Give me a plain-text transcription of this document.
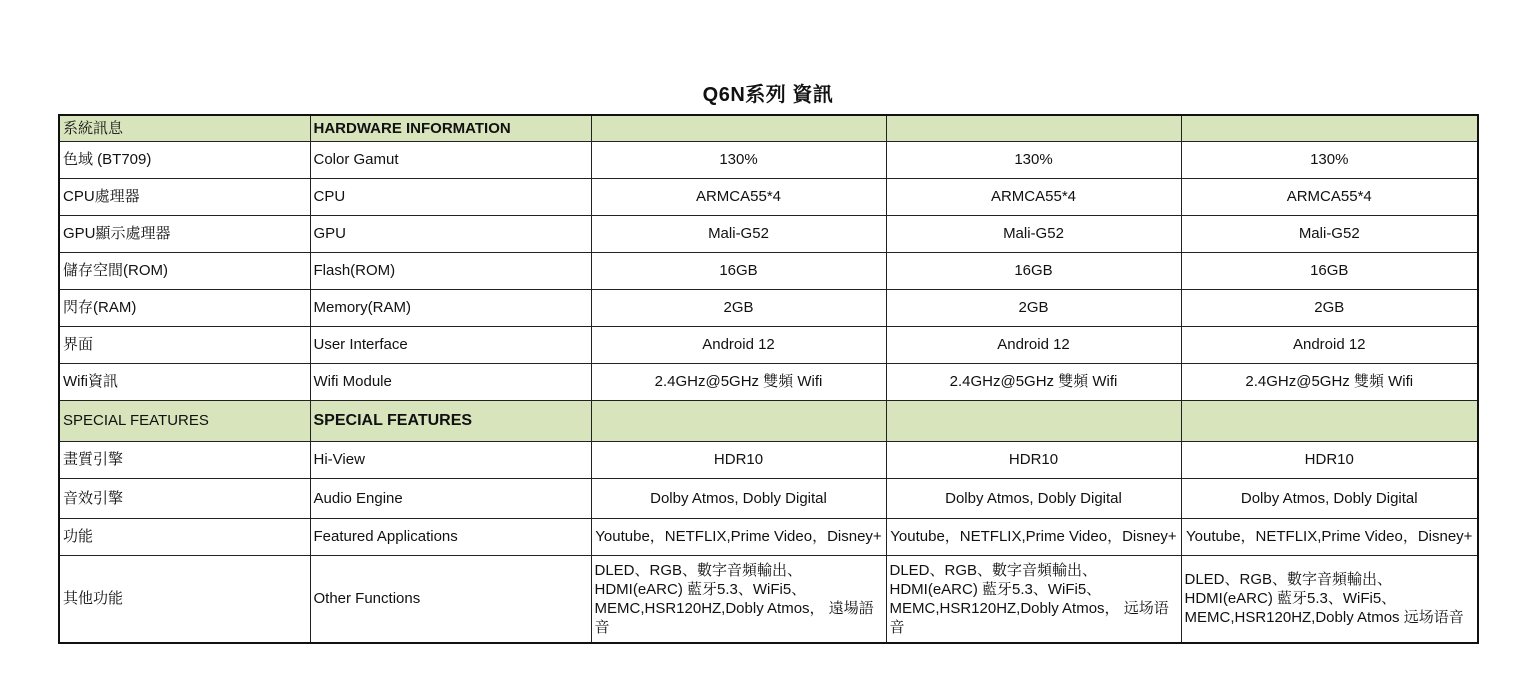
Q6N系列 資訊
系統訊息	HARDWARE INFORMATION			
色域 (BT709)	Color Gamut	130%	130%	130%
CPU處理器	CPU	ARMCA55*4	ARMCA55*4	ARMCA55*4
GPU顯示處理器	GPU	Mali-G52	Mali-G52	Mali-G52
儲存空間(ROM)	Flash(ROM)	16GB	16GB	16GB
閃存(RAM)	Memory(RAM)	2GB	2GB	2GB
界面	User Interface	Android 12	Android 12	Android 12
Wifi資訊	Wifi Module	2.4GHz@5GHz 雙頻 Wifi	2.4GHz@5GHz 雙頻 Wifi	2.4GHz@5GHz 雙頻 Wifi
SPECIAL FEATURES	SPECIAL FEATURES			
畫質引擎	Hi-View	HDR10	HDR10	HDR10
音效引擎	Audio Engine	Dolby Atmos, Dobly Digital	Dolby Atmos, Dobly Digital	Dolby Atmos, Dobly Digital
功能	Featured Applications	Youtube，NETFLIX,Prime Video，Disney+	Youtube，NETFLIX,Prime Video，Disney+	Youtube，NETFLIX,Prime Video，Disney+
其他功能	Other Functions	DLED、RGB、數字音頻輸出、HDMI(eARC) 藍牙5.3、WiFi5、MEMC,HSR120HZ,Dobly Atmos， 遠場語音	DLED、RGB、數字音頻輸出、HDMI(eARC) 藍牙5.3、WiFi5、MEMC,HSR120HZ,Dobly Atmos， 远场语音	DLED、RGB、數字音頻輸出、HDMI(eARC) 藍牙5.3、WiFi5、MEMC,HSR120HZ,Dobly Atmos 远场语音
